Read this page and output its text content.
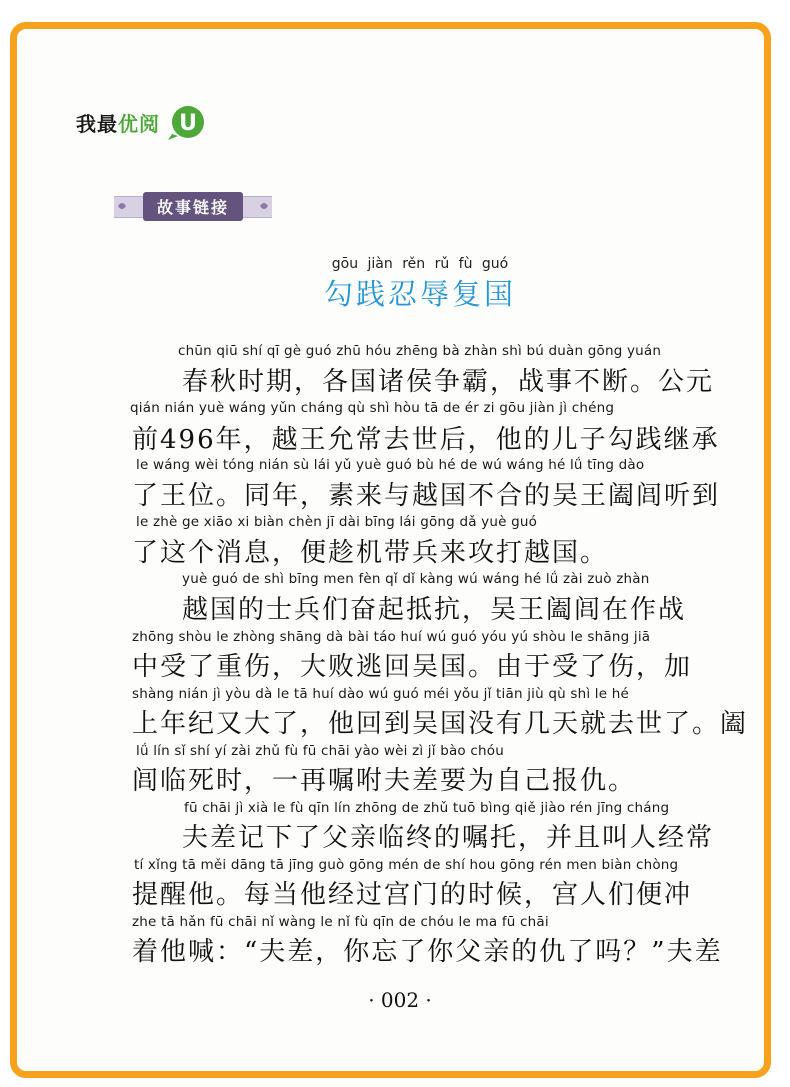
我最优阅 U
故事链接
gōu jiàn rěn rǔ fù guó
勾践忍辱复国
chūn qiū shí qī gè guó zhū hóu zhēng bà zhàn shì bú duàn gōng yuán
春秋时期，各国诸侯争霸，战事不断。公元
qián nián yuè wáng yǔn cháng qù shì hòu tā de ér zi gōu jiàn jì chéng
前496年，越王允常去世后，他的儿子勾践继承
le wáng wèi tóng nián sù lái yǔ yuè guó bù hé de wú wáng hé lǘ tīng dào
了王位。同年，素来与越国不合的吴王阖闾听到
le zhè ge xiāo xi biàn chèn jī dài bīng lái gōng dǎ yuè guó
了这个消息，便趁机带兵来攻打越国。
yuè guó de shì bīng men fèn qǐ dǐ kàng wú wáng hé lǘ zài zuò zhàn
越国的士兵们奋起抵抗，吴王阖闾在作战
zhōng shòu le zhòng shāng dà bài táo huí wú guó yóu yú shòu le shāng jiā
中受了重伤，大败逃回吴国。由于受了伤，加
shàng nián jì yòu dà le tā huí dào wú guó méi yǒu jǐ tiān jiù qù shì le hé
上年纪又大了，他回到吴国没有几天就去世了。阖
lǘ lín sǐ shí yí zài zhǔ fù fū chāi yào wèi zì jǐ bào chóu
闾临死时，一再嘱咐夫差要为自己报仇。
fū chāi jì xià le fù qīn lín zhōng de zhǔ tuō bìng qiě jiào rén jīng cháng
夫差记下了父亲临终的嘱托，并且叫人经常
tí xǐng tā měi dāng tā jīng guò gōng mén de shí hou gōng rén men biàn chòng
提醒他。每当他经过宫门的时候，宫人们便冲
zhe tā hǎn fū chāi nǐ wàng le nǐ fù qīn de chóu le ma fū chāi
着他喊：“夫差，你忘了你父亲的仇了吗？”夫差
· 002 ·
